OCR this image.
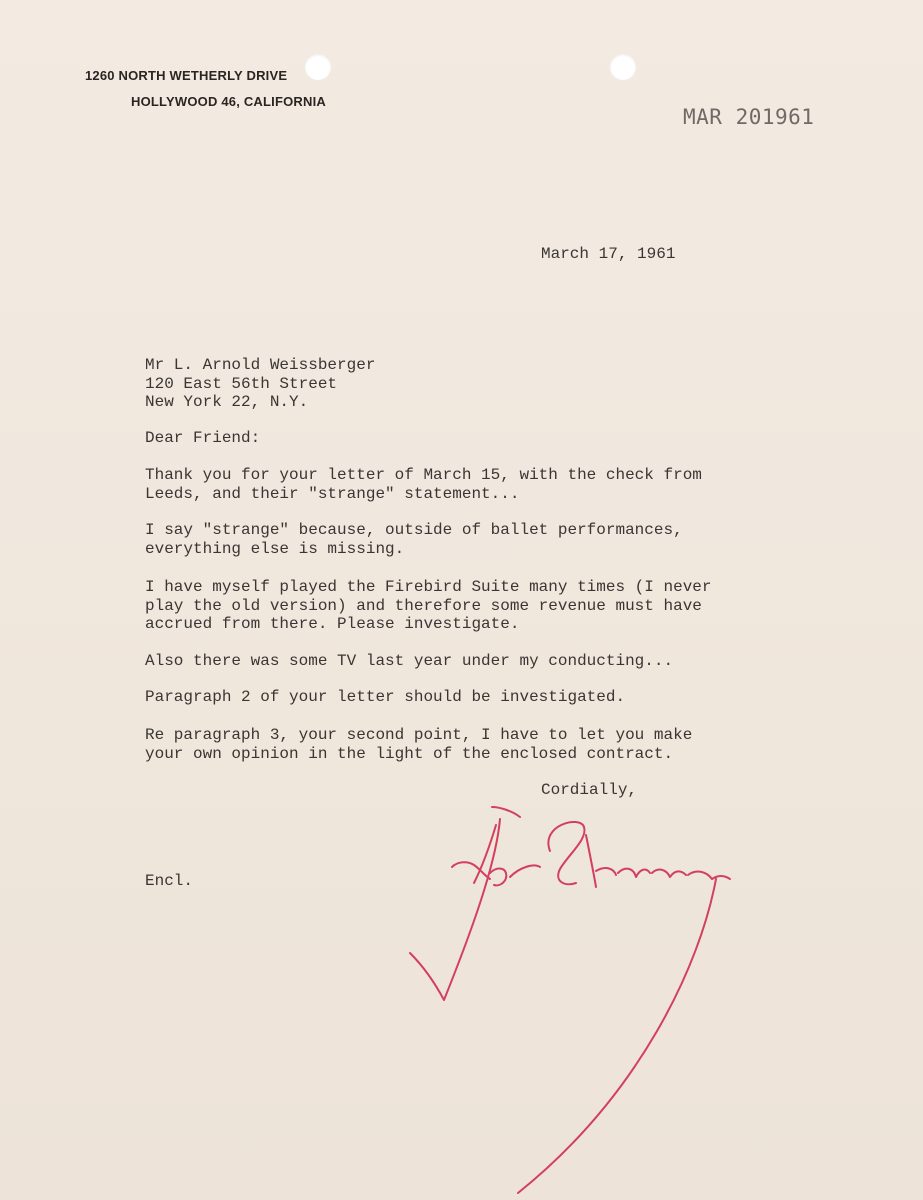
1260 NORTH WETHERLY DRIVE
HOLLYWOOD 46, CALIFORNIA
MAR 201961
March 17, 1961
Mr L. Arnold Weissberger
120 East 56th Street
New York 22, N.Y.
Dear Friend:
Thank you for your letter of March 15, with the check from
Leeds, and their "strange" statement...
I say "strange" because, outside of ballet performances,
everything else is missing.
I have myself played the Firebird Suite many times (I never
play the old version) and therefore some revenue must have
accrued from there. Please investigate.
Also there was some TV last year under my conducting...
Paragraph 2 of your letter should be investigated.
Re paragraph 3, your second point, I have to let you make
your own opinion in the light of the enclosed contract.
Cordially,
Encl.
